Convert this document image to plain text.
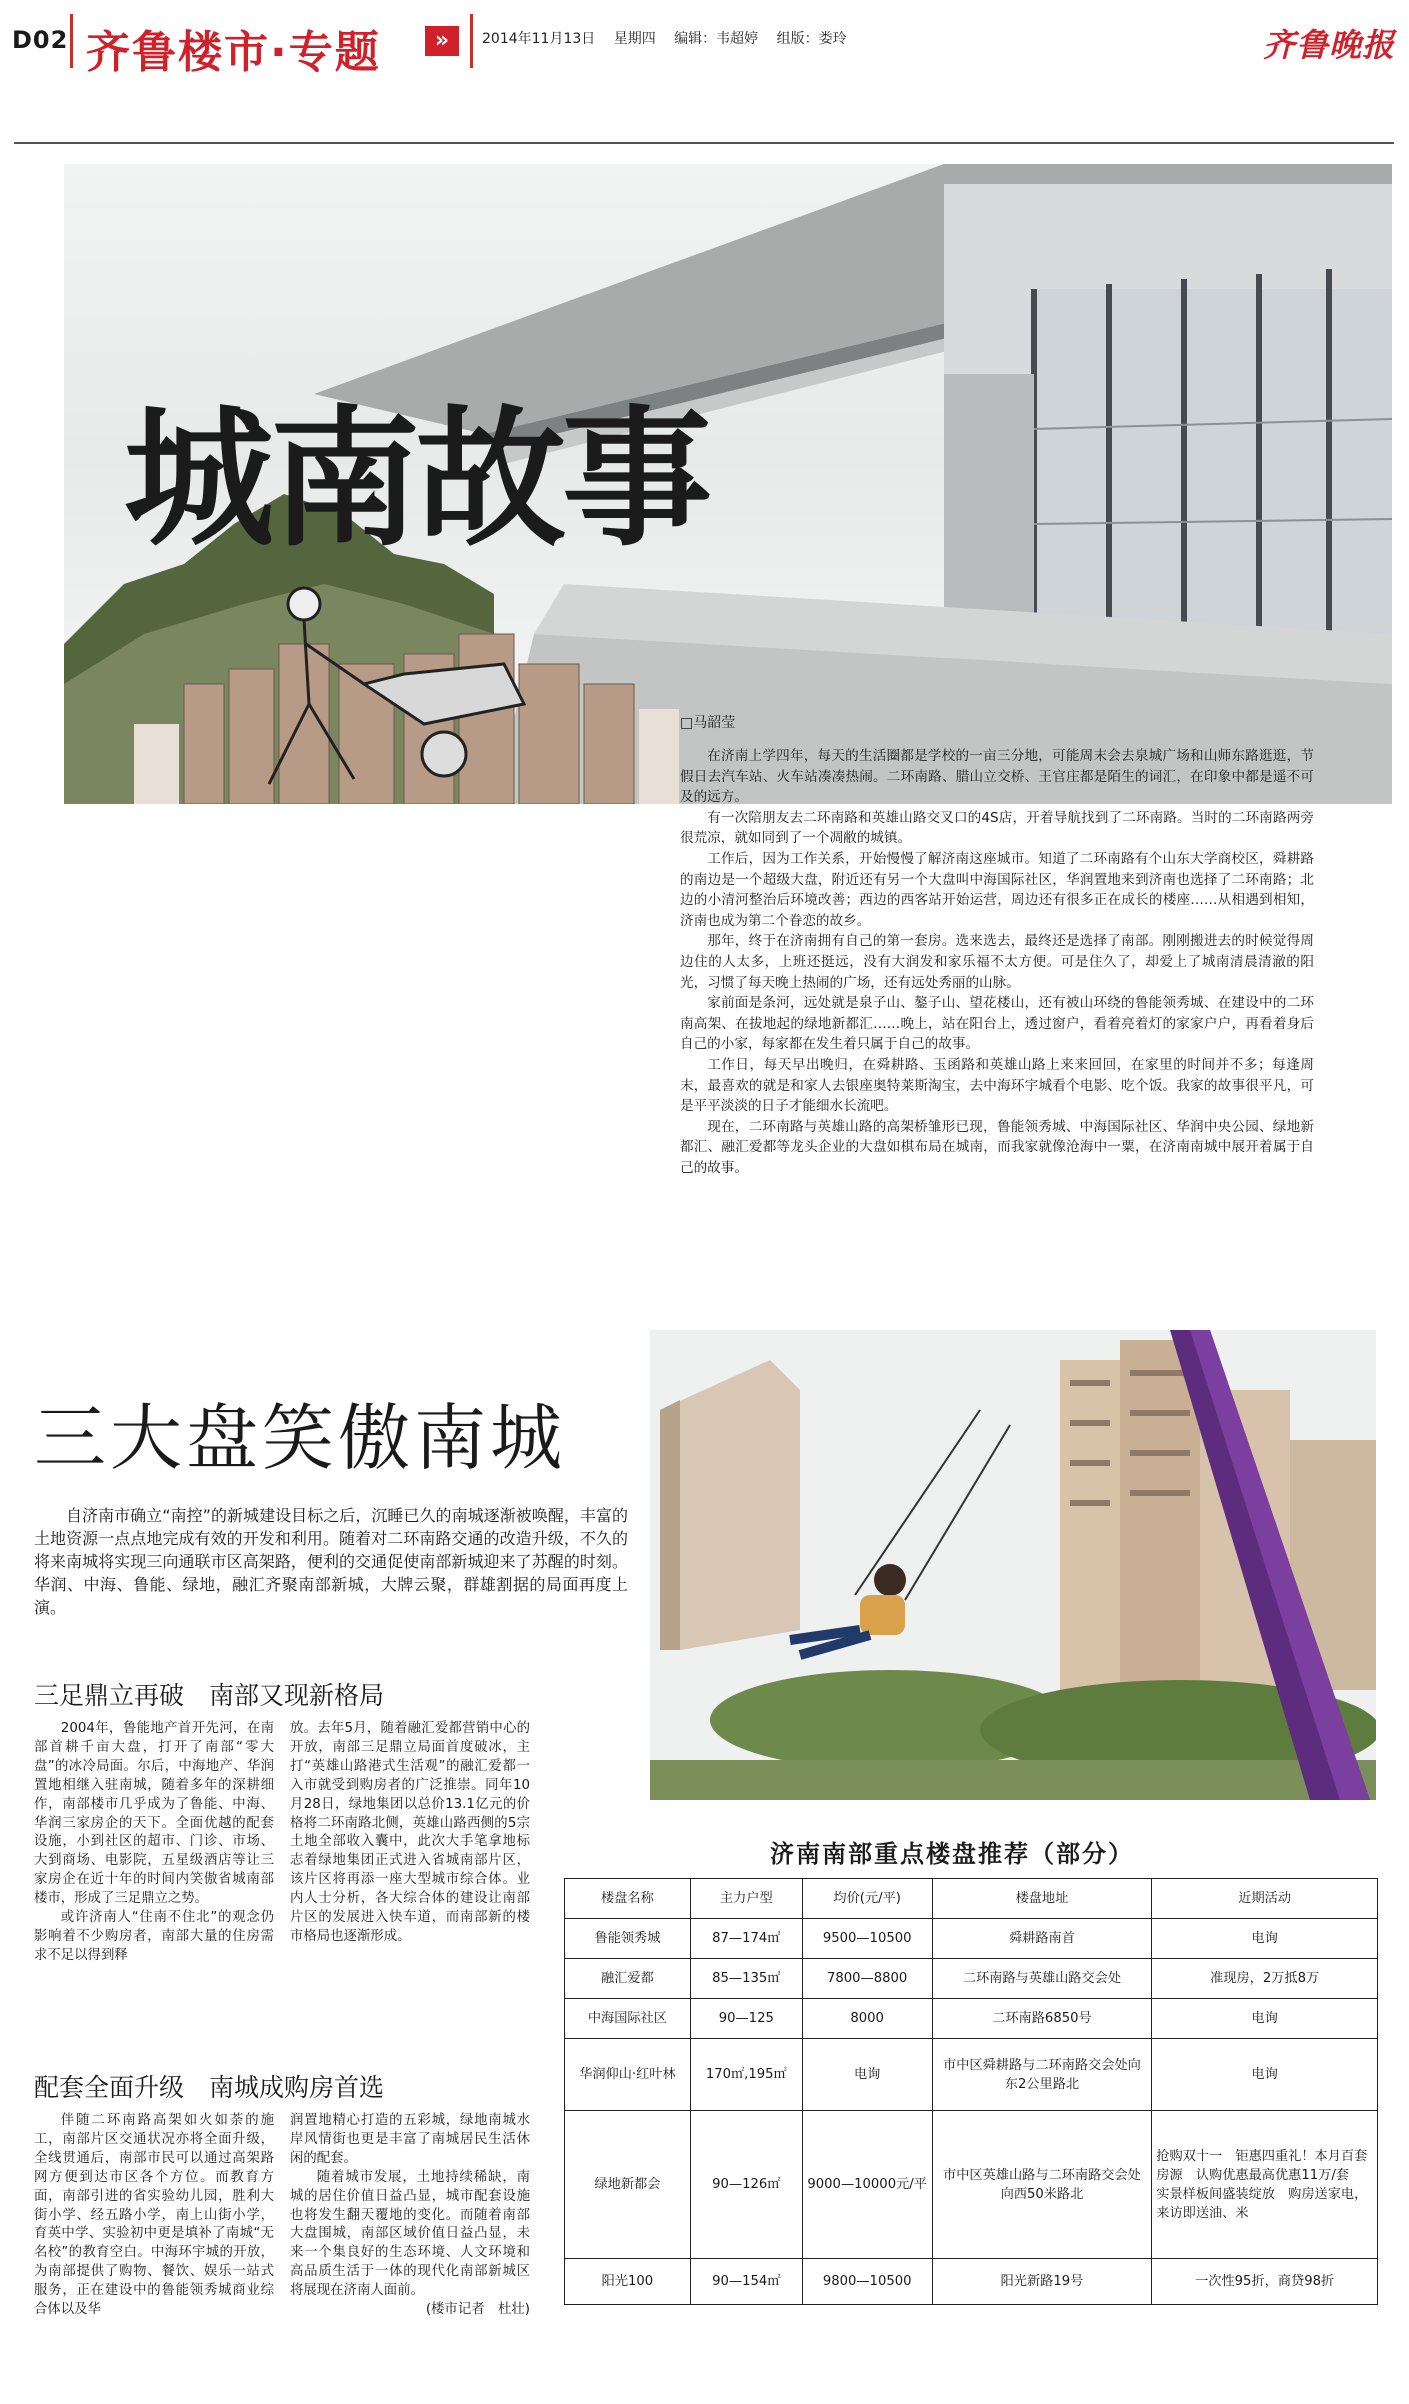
D02 齐鲁楼市·专题	»	2014年11月13日 星期四 编辑：韦超婷 组版：娄玲	齐鲁晚报
城南故事
□马韶莹

在济南上学四年，每天的生活圈都是学校的一亩三分地，可能周末会去泉城广场和山师东路逛逛，节假日去汽车站、火车站凑凑热闹。二环南路、腊山立交桥、王官庄都是陌生的词汇，在印象中都是遥不可及的远方。

有一次陪朋友去二环南路和英雄山路交叉口的4S店，开着导航找到了二环南路。当时的二环南路两旁很荒凉，就如同到了一个凋敝的城镇。

工作后，因为工作关系，开始慢慢了解济南这座城市。知道了二环南路有个山东大学商校区，舜耕路的南边是一个超级大盘，附近还有另一个大盘叫中海国际社区，华润置地来到济南也选择了二环南路；北边的小清河整治后环境改善；西边的西客站开始运营，周边还有很多正在成长的楼座……从相遇到相知，济南也成为第二个眷恋的故乡。

那年，终于在济南拥有自己的第一套房。选来选去，最终还是选择了南部。刚刚搬进去的时候觉得周边住的人太多，上班还挺远，没有大润发和家乐福不太方便。可是住久了，却爱上了城南清晨清澈的阳光，习惯了每天晚上热闹的广场，还有远处秀丽的山脉。

家前面是条河，远处就是泉子山、鏊子山、望花楼山，还有被山环绕的鲁能领秀城、在建设中的二环南高架、在拔地起的绿地新都汇……晚上，站在阳台上，透过窗户，看着亮着灯的家家户户，再看着身后自己的小家，每家都在发生着只属于自己的故事。

工作日，每天早出晚归，在舜耕路、玉函路和英雄山路上来来回回，在家里的时间并不多；每逢周末，最喜欢的就是和家人去银座奥特莱斯淘宝，去中海环宇城看个电影、吃个饭。我家的故事很平凡，可是平平淡淡的日子才能细水长流吧。

现在，二环南路与英雄山路的高架桥雏形已现，鲁能领秀城、中海国际社区、华润中央公园、绿地新都汇、融汇爱都等龙头企业的大盘如棋布局在城南，而我家就像沧海中一粟，在济南南城中展开着属于自己的故事。

三大盘笑傲南城

自济南市确立“南控”的新城建设目标之后，沉睡已久的南城逐渐被唤醒，丰富的土地资源一点点地完成有效的开发和利用。随着对二环南路交通的改造升级，不久的将来南城将实现三向通联市区高架路，便利的交通促使南部新城迎来了苏醒的时刻。华润、中海、鲁能、绿地，融汇齐聚南部新城，大牌云聚，群雄割据的局面再度上演。

三足鼎立再破　南部又现新格局

2004年，鲁能地产首开先河，在南部首耕千亩大盘，打开了南部“零大盘”的冰冷局面。尔后，中海地产、华润置地相继入驻南城，随着多年的深耕细作，南部楼市几乎成为了鲁能、中海、华润三家房企的天下。全面优越的配套设施，小到社区的超市、门诊、市场、大到商场、电影院，五星级酒店等让三家房企在近十年的时间内笑傲省城南部楼市，形成了三足鼎立之势。

或许济南人“住南不住北”的观念仍影响着不少购房者，南部大量的住房需求不足以得到释

放。去年5月，随着融汇爱都营销中心的开放，南部三足鼎立局面首度破冰，主打“英雄山路港式生活观”的融汇爱都一入市就受到购房者的广泛推崇。同年10月28日，绿地集团以总价13.1亿元的价格将二环南路北侧，英雄山路西侧的5宗土地全部收入囊中，此次大手笔拿地标志着绿地集团正式进入省城南部片区，该片区将再添一座大型城市综合体。业内人士分析，各大综合体的建设让南部片区的发展进入快车道，而南部新的楼市格局也逐渐形成。

配套全面升级　南城成购房首选

伴随二环南路高架如火如荼的施工，南部片区交通状况亦将全面升级，全线贯通后，南部市民可以通过高架路网方便到达市区各个方位。而教育方面，南部引进的省实验幼儿园，胜利大街小学、经五路小学，南上山街小学，育英中学、实验初中更是填补了南城“无名校”的教育空白。中海环宇城的开放，为南部提供了购物、餐饮、娱乐一站式服务，正在建设中的鲁能领秀城商业综合体以及华

润置地精心打造的五彩城，绿地南城水岸风情街也更是丰富了南城居民生活休闲的配套。

随着城市发展，土地持续稀缺，南城的居住价值日益凸显，城市配套设施也将发生翻天覆地的变化。而随着南部大盘围城，南部区域价值日益凸显，未来一个集良好的生态环境、人文环境和高品质生活于一体的现代化南部新城区将展现在济南人面前。

(楼市记者　杜壮)

济南南部重点楼盘推荐（部分）
楼盘名称	主力户型	均价(元/平)	楼盘地址	近期活动
鲁能领秀城	87—174㎡	9500—10500	舜耕路南首	电询
融汇爱都	85—135㎡	7800—8800	二环南路与英雄山路交会处	准现房，2万抵8万
中海国际社区	90—125	8000	二环南路6850号	电询
华润仰山·红叶林	170㎡,195㎡	电询	市中区舜耕路与二环南路交会处向东2公里路北	电询
绿地新都会	90—126㎡	9000—10000元/平	市中区英雄山路与二环南路交会处向西50米路北	抢购双十一　钜惠四重礼！本月百套房源　认购优惠最高优惠11万/套　实景样板间盛装绽放　购房送家电，来访即送油、米
阳光100	90—154㎡	9800—10500	阳光新路19号	一次性95折，商贷98折
